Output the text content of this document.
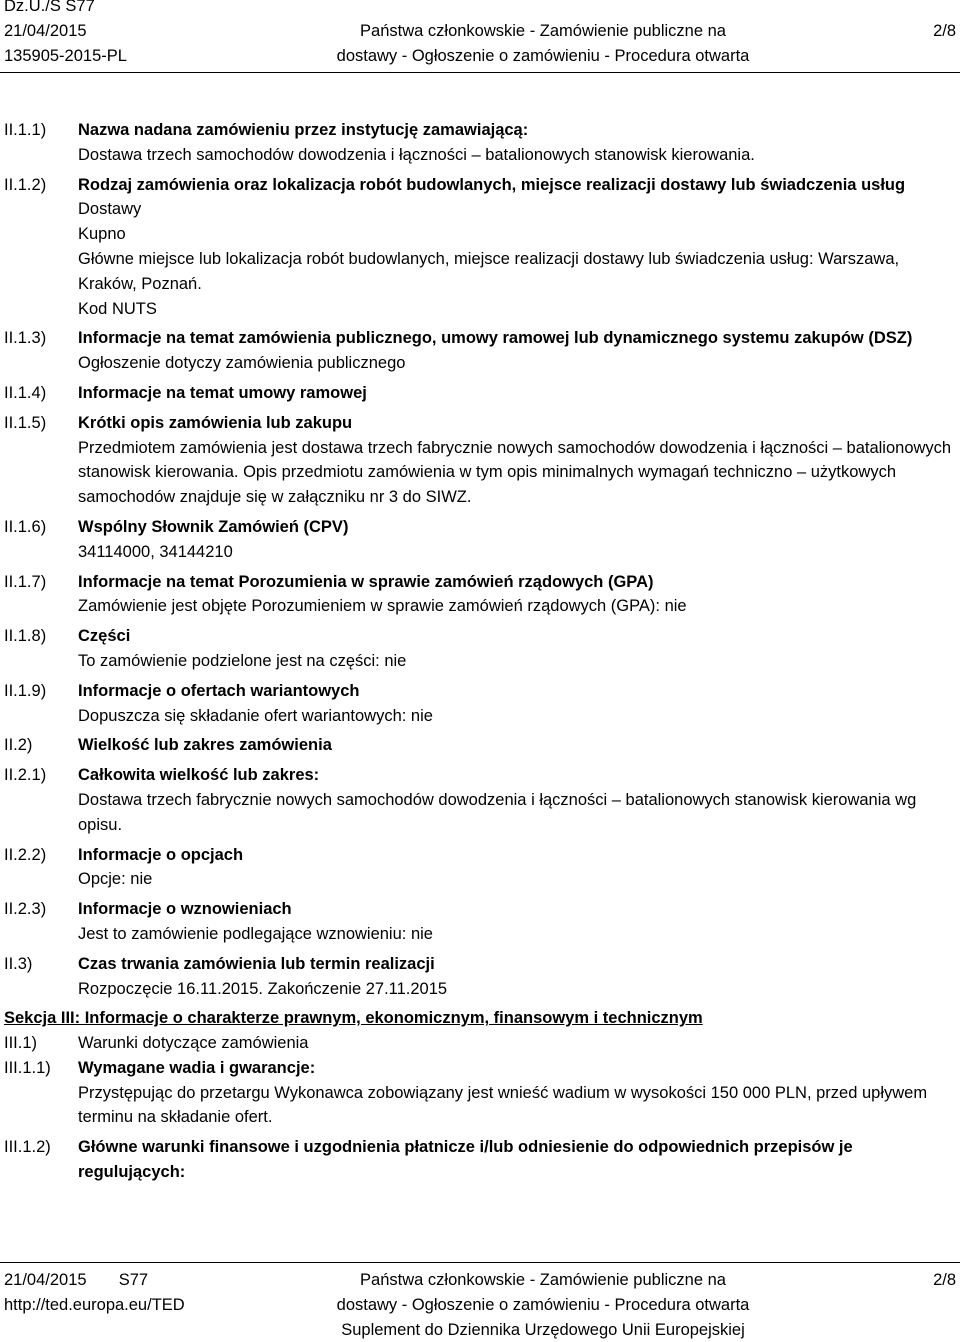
Dz.U./S S77
21/04/2015
135905-2015-PL
Państwa członkowskie - Zamówienie publiczne na
dostawy - Ogłoszenie o zamówieniu - Procedura otwarta
2/8
II.1.1) Nazwa nadana zamówieniu przez instytucję zamawiającą:
Dostawa trzech samochodów dowodzenia i łączności – batalionowych stanowisk kierowania.
II.1.2) Rodzaj zamówienia oraz lokalizacja robót budowlanych, miejsce realizacji dostawy lub świadczenia usług
Dostawy
Kupno
Główne miejsce lub lokalizacja robót budowlanych, miejsce realizacji dostawy lub świadczenia usług: Warszawa, Kraków, Poznań.
Kod NUTS
II.1.3) Informacje na temat zamówienia publicznego, umowy ramowej lub dynamicznego systemu zakupów (DSZ)
Ogłoszenie dotyczy zamówienia publicznego
II.1.4) Informacje na temat umowy ramowej
II.1.5) Krótki opis zamówienia lub zakupu
Przedmiotem zamówienia jest dostawa trzech fabrycznie nowych samochodów dowodzenia i łączności – batalionowych stanowisk kierowania. Opis przedmiotu zamówienia w tym opis minimalnych wymagań techniczno – użytkowych samochodów znajduje się w załączniku nr 3 do SIWZ.
II.1.6) Wspólny Słownik Zamówień (CPV)
34114000, 34144210
II.1.7) Informacje na temat Porozumienia w sprawie zamówień rządowych (GPA)
Zamówienie jest objęte Porozumieniem w sprawie zamówień rządowych (GPA): nie
II.1.8) Części
To zamówienie podzielone jest na części: nie
II.1.9) Informacje o ofertach wariantowych
Dopuszcza się składanie ofert wariantowych: nie
II.2)	Wielkość lub zakres zamówienia
II.2.1) Całkowita wielkość lub zakres:
Dostawa trzech fabrycznie nowych samochodów dowodzenia i łączności – batalionowych stanowisk kierowania wg opisu.
II.2.2) Informacje o opcjach
Opcje: nie
II.2.3) Informacje o wznowieniach
Jest to zamówienie podlegające wznowieniu: nie
II.3)	Czas trwania zamówienia lub termin realizacji
Rozpoczęcie 16.11.2015. Zakończenie 27.11.2015
Sekcja III: Informacje o charakterze prawnym, ekonomicznym, finansowym i technicznym
III.1) Warunki dotyczące zamówienia
III.1.1) Wymagane wadia i gwarancje:
Przystępując do przetargu Wykonawca zobowiązany jest wnieść wadium w wysokości 150 000 PLN, przed upływem terminu na składanie ofert.
III.1.2) Główne warunki finansowe i uzgodnienia płatnicze i/lub odniesienie do odpowiednich przepisów je regulujących:
21/04/2015 S77
http://ted.europa.eu/TED
Państwa członkowskie - Zamówienie publiczne na
dostawy - Ogłoszenie o zamówieniu - Procedura otwarta
Suplement do Dziennika Urzędowego Unii Europejskiej
2/8
